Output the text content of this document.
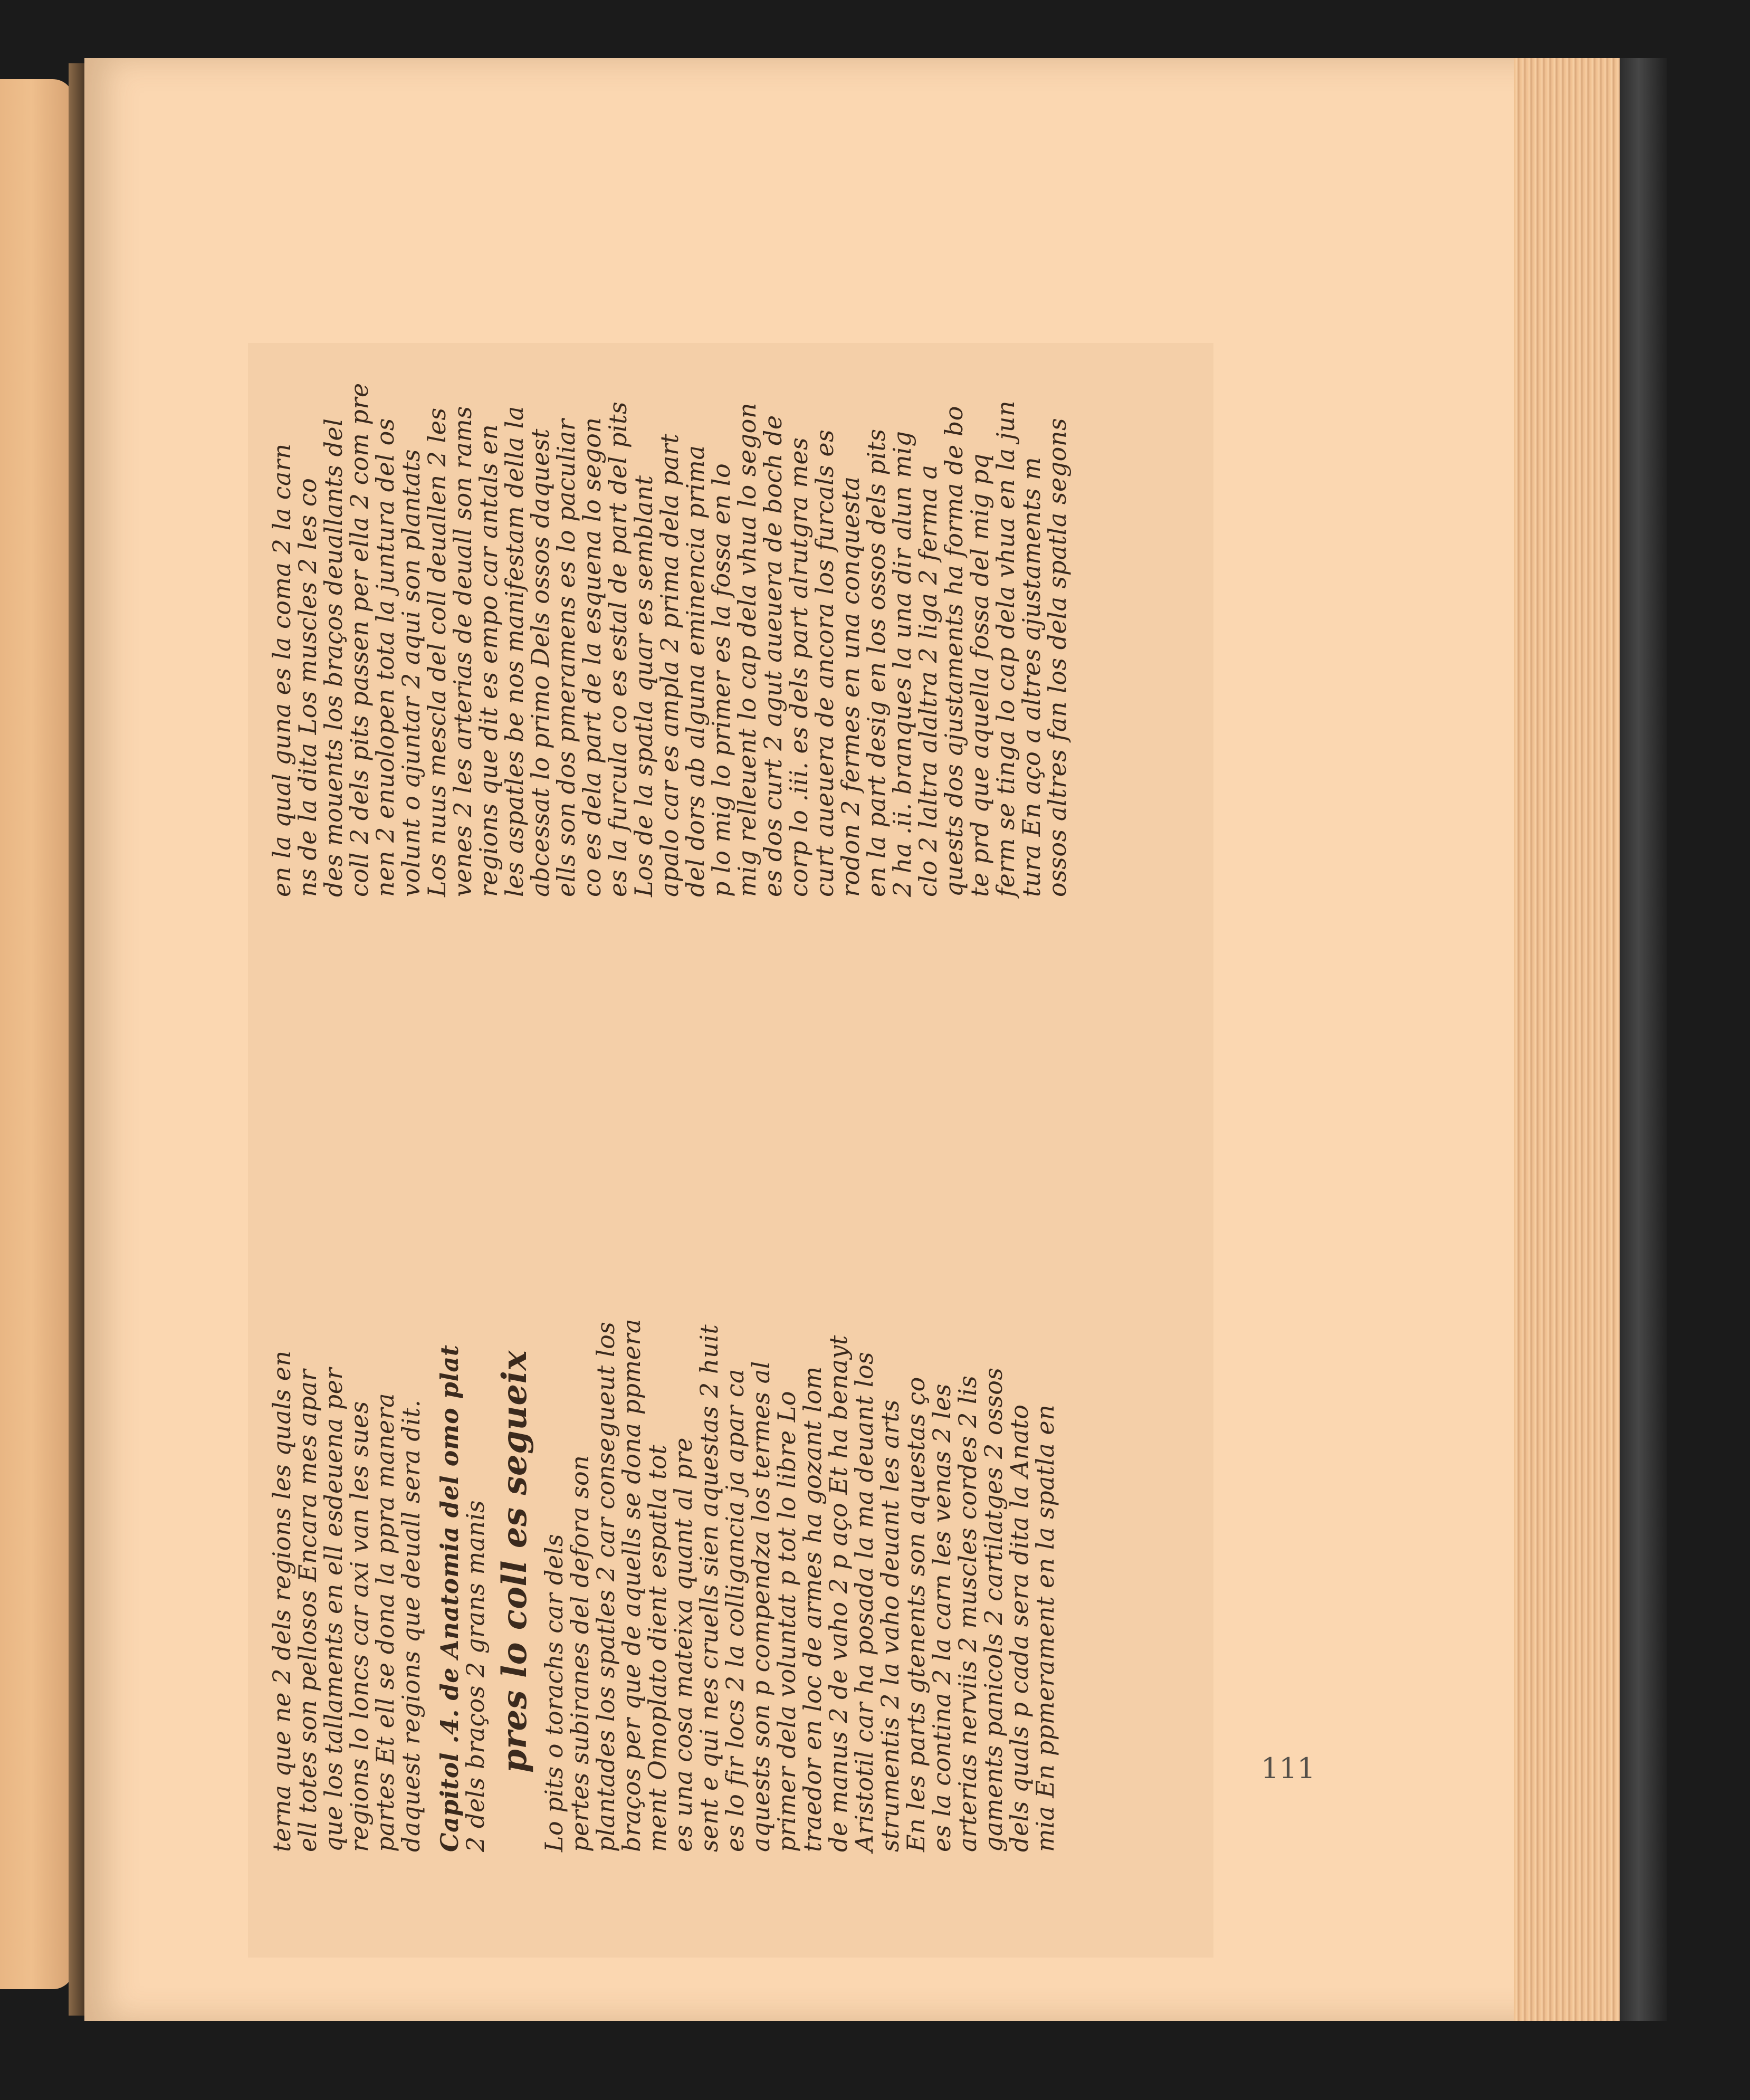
terna que ne 2 dels regions les quals en
ell totes son pellosos Encara mes apar
que los tallaments en ell esdeuena per
regions lo loncs car axi van les sues
partes Et ell se dona la ppra manera
daquest regions que deuall sera dit. Capitol .4. de Anatomia del omo plat
2 dels braços 2 grans manis pres lo coll es segueix Lo pits o torachs car dels
pertes subiranes del defora son
plantades los spatles 2 car consegueut los
braços per que de aquells se dona ppmera
ment Omoplato dient espatla tot
es una cosa mateixa quant al pre
sent e qui nes cruells sien aquestas 2 huit
es lo fir locs 2 la colligancia ja apar ca
aquests son p compendza los termes al
primer dela voluntat p tot lo libre Lo
traedor en loc de armes ha gozant lom
de manus 2 de vaho 2 p aço Et ha benayt
Aristotil car ha posada la ma deuant los
strumentis 2 la vaho deuant les arts
En les parts gtenents son aquestas ço
es la contina 2 la carn les venas 2 les
arterias nerviis 2 muscles cordes 2 lis
gaments panicols 2 cartilatges 2 ossos
dels quals p cada sera dita la Anato
mia En ppmerament en la spatla en
en la qual guna es la coma 2 la carn
ns de la dita Los muscles 2 les co
des mouents los braços deuallants del
coll 2 dels pits passen per ella 2 com pre
nen 2 enuolopen tota la juntura del os
volunt o ajuntar 2 aqui son plantats
Los nuus mescla del coll deuallen 2 les
venes 2 les arterias de deuall son rams
regions que dit es empo car antals en
les aspatles be nos manifestam della la
abcessat lo primo Dels ossos daquest
ells son dos pmeramens es lo paculiar
co es dela part de la esquena lo segon
es la furcula co es estal de part del pits
Los de la spatla quar es semblant
apalo car es ampla 2 prima dela part
del dors ab alguna eminencia prima
p lo mig lo primer es la fossa en lo
mig relleuent lo cap dela vhua lo segon
es dos curt 2 agut aueuera de boch de
corp lo .iii. es dels part alrutgra mes
curt aueuera de ancora los furcals es
rodon 2 fermes en una conquesta
en la part desig en los ossos dels pits
2 ha .ii. branques la una dir alun mig
clo 2 laltra alaltra 2 liga 2 ferma a
quests dos ajustaments ha forma de bo
te prd que aquella fossa del mig pq
ferm se tinga lo cap dela vhua en la jun
tura En aço a altres ajustaments m
ossos altres fan los dela spatla segons
111
